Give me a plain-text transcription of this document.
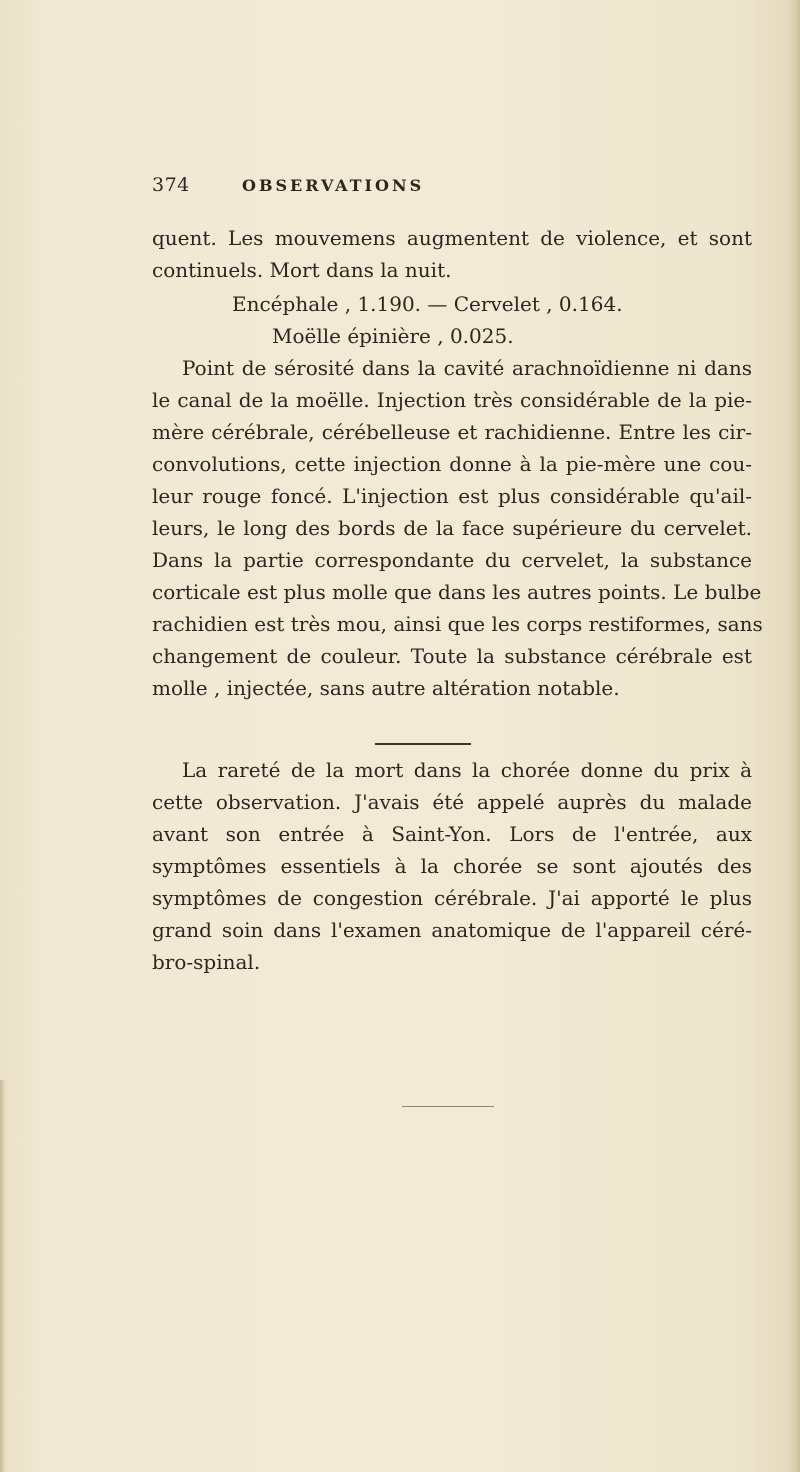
374	OBSERVATIONS
quent. Les mouvemens augmentent de violence, et sont
continuels. Mort dans la nuit.
Encéphale , 1.190. — Cervelet , 0.164.
Moëlle épinière , 0.025.
Point de sérosité dans la cavité arachnoïdienne ni dans
le canal de la moëlle. Injection très considérable de la pie-
mère cérébrale, cérébelleuse et rachidienne. Entre les cir-
convolutions, cette injection donne à la pie-mère une cou-
leur rouge foncé. L'injection est plus considérable qu'ail-
leurs, le long des bords de la face supérieure du cervelet.
Dans la partie correspondante du cervelet, la substance
corticale est plus molle que dans les autres points. Le bulbe
rachidien est très mou, ainsi que les corps restiformes, sans
changement de couleur. Toute la substance cérébrale est
molle , injectée, sans autre altération notable.
La rareté de la mort dans la chorée donne du prix à
cette observation. J'avais été appelé auprès du malade
avant son entrée à Saint-Yon. Lors de l'entrée, aux
symptômes essentiels à la chorée se sont ajoutés des
symptômes de congestion cérébrale. J'ai apporté le plus
grand soin dans l'examen anatomique de l'appareil céré-
bro-spinal.
